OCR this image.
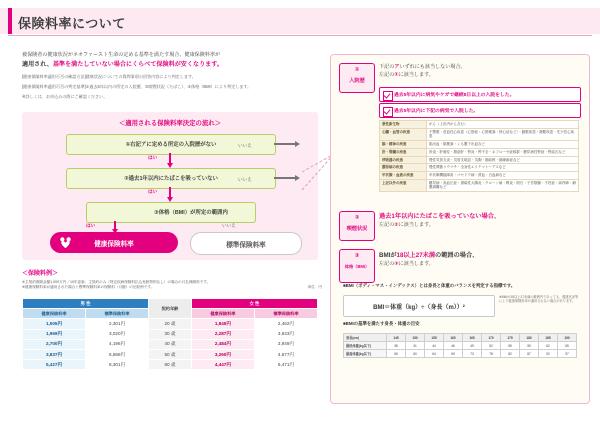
保険料率について
被保険者の健康状況がネオファースト生命の定める基準を満たす場合、健康保険料率が
適用され、基準を満たしていない場合にくらべて保険料が安くなります。
[健康保険料率適用可否の確認方法]健康状況についての質問事項の回答内容により判定します。
[健康保険料率適用可否の判定基準]①過去5年以内の所定の入院歴、②喫煙状況（たばこ）、③体格（BMI）により判定します。
※詳しくは、お申込みの際にご確認ください。
＜適用される保険料率決定の流れ＞
①右記アに定める所定の入院歴がない
はい
いいえ
②過去1年以内にたばこを吸っていない
はい
いいえ
③体格（BMI）が所定の範囲内
はい	いいえ
健康保険料率	標準保険料率
＜保険料例＞
※主契約保険金額1,000万円／10年更新、主契約のみ（特定疾病保険料払込免除特則なし）の場合の月払保険料です。
※健康保険料率が適用された場合と標準保険料率の保険料（月額）の比較例です。	単位：円
男 性		契約年齢	女 性	
健康保険料率	標準保険料率		健康保険料率	標準保険料率
1,505円	2,301円	20 歳	1,845円	2,462円
1,969円	3,020円	30 歳	2,287円	3,643円
2,700円	4,196円	40 歳	2,484円	3,949円
3,837円	5,868円	50 歳	3,260円	4,677円
5,427円	8,301円	60 歳	4,447円	6,471円
①
入院歴
下記のアいずれにも該当しない場合、
左記の①に該当します。
過去5年以内に病気やケガで継続8日以上の入院をした。
過去5年以内に下記の病気で入院した。
悪性新生物	がん（上皮内がん含む）
心臓・血管の疾患	不整脈・虚血性心疾患（心筋症・心筋梗塞・狭心症など）・動脈疾患・静脈疾患・先天性心疾患
脳・精神の疾患	脳出血・脳梗塞・くも膜下出血など
肝・腎臓の疾患	肝炎・肝硬変・脂肪肝・腎炎・腎不全・ネフローゼ症候群・糖尿病性腎症・腎結石など
呼吸器の疾患	慢性気管支炎・気管支喘息・気胸・肺結核・肺線維症など
膠原病の疾患	慢性関節リウマチ・全身性エリテマトーデスなど
甲状腺・血液の疾患	甲状腺機能障害・バセドウ病・貧血・白血病など
上記以外の疾患	糖尿病・高血圧症・潰瘍性大腸炎・クローン病・膵炎・胆石・子宮筋腫・不妊症・緑内障・網膜剥離など
②
喫煙状況
過去1年以内にたばこを吸っていない場合、
左記の②に該当します。
③
体格（BMI）
BMIが18以上27未満の範囲の場合、
左記の③に該当します。
■BMI（ボディ・マス・インデックス）とは身長と体重のバランスを判定する指標です。
BMI＝体重（kg）÷（身長（m））²
※BMIが18以上27未満の範囲内であっても、健康状況等により健康保険料率が適用されない場合があります。
■BMIの基準を満たす身長・体重の目安
身長(cm)	145	150	155	160	165	170	175	180	185	190
最低体重(kg以下)	38	41	44	46	49	52	55	59	62	65
最高体重(kg以下)	56	60	64	69	73	78	82	87	92	97
